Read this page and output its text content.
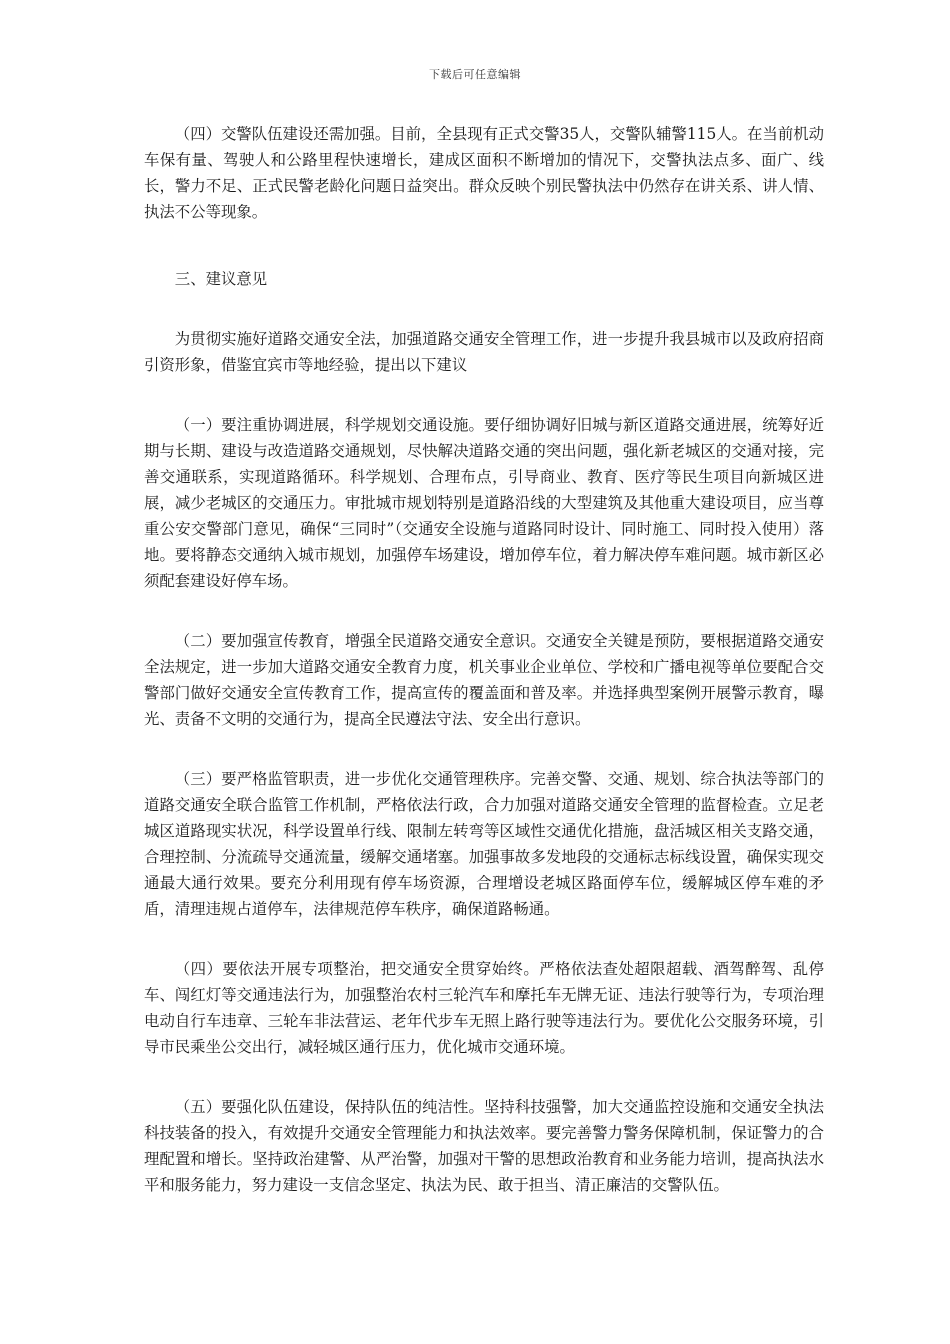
下载后可任意编辑

（四）交警队伍建设还需加强。目前，全县现有正式交警35人，交警队辅警115人。在当前机动车保有量、驾驶人和公路里程快速增长，建成区面积不断增加的情况下，交警执法点多、面广、线长，警力不足、正式民警老龄化问题日益突出。群众反映个别民警执法中仍然存在讲关系、讲人情、执法不公等现象。

三、建议意见

为贯彻实施好道路交通安全法，加强道路交通安全管理工作，进一步提升我县城市以及政府招商引资形象，借鉴宜宾市等地经验，提出以下建议

（一）要注重协调进展，科学规划交通设施。要仔细协调好旧城与新区道路交通进展，统筹好近期与长期、建设与改造道路交通规划，尽快解决道路交通的突出问题，强化新老城区的交通对接，完善交通联系，实现道路循环。科学规划、合理布点，引导商业、教育、医疗等民生项目向新城区进展，减少老城区的交通压力。审批城市规划特别是道路沿线的大型建筑及其他重大建设项目，应当尊重公安交警部门意见，确保“三同时”（交通安全设施与道路同时设计、同时施工、同时投入使用）落地。要将静态交通纳入城市规划，加强停车场建设，增加停车位，着力解决停车难问题。城市新区必须配套建设好停车场。

（二）要加强宣传教育，增强全民道路交通安全意识。交通安全关键是预防，要根据道路交通安全法规定，进一步加大道路交通安全教育力度，机关事业企业单位、学校和广播电视等单位要配合交警部门做好交通安全宣传教育工作，提高宣传的覆盖面和普及率。并选择典型案例开展警示教育，曝光、责备不文明的交通行为，提高全民遵法守法、安全出行意识。

（三）要严格监管职责，进一步优化交通管理秩序。完善交警、交通、规划、综合执法等部门的道路交通安全联合监管工作机制，严格依法行政，合力加强对道路交通安全管理的监督检查。立足老城区道路现实状况，科学设置单行线、限制左转弯等区域性交通优化措施，盘活城区相关支路交通，合理控制、分流疏导交通流量，缓解交通堵塞。加强事故多发地段的交通标志标线设置，确保实现交通最大通行效果。要充分利用现有停车场资源，合理增设老城区路面停车位，缓解城区停车难的矛盾，清理违规占道停车，法律规范停车秩序，确保道路畅通。

（四）要依法开展专项整治，把交通安全贯穿始终。严格依法查处超限超载、酒驾醉驾、乱停车、闯红灯等交通违法行为，加强整治农村三轮汽车和摩托车无牌无证、违法行驶等行为，专项治理电动自行车违章、三轮车非法营运、老年代步车无照上路行驶等违法行为。要优化公交服务环境，引导市民乘坐公交出行，减轻城区通行压力，优化城市交通环境。

（五）要强化队伍建设，保持队伍的纯洁性。坚持科技强警，加大交通监控设施和交通安全执法科技装备的投入，有效提升交通安全管理能力和执法效率。要完善警力警务保障机制，保证警力的合理配置和增长。坚持政治建警、从严治警，加强对干警的思想政治教育和业务能力培训，提高执法水平和服务能力，努力建设一支信念坚定、执法为民、敢于担当、清正廉洁的交警队伍。
